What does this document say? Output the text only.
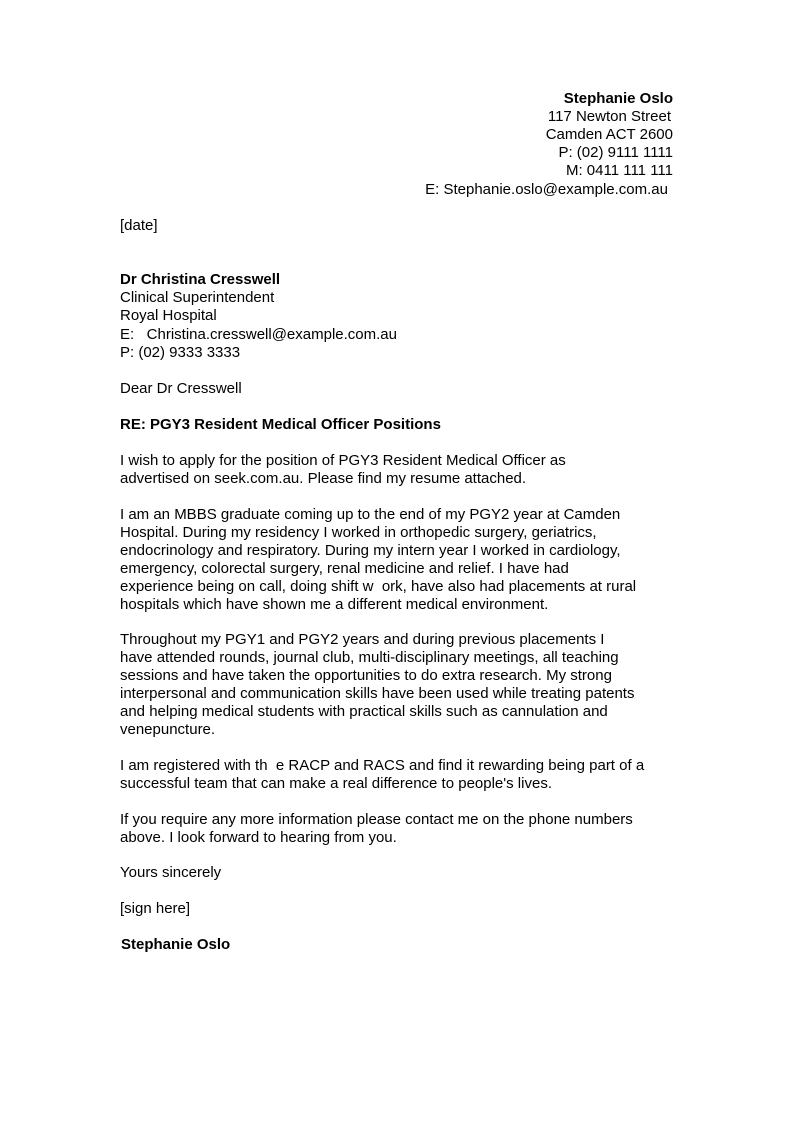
Stephanie Oslo
117 Newton Street
Camden ACT 2600
P: (02) 9111 1111
M: 0411 111 111
E: Stephanie.oslo@example.com.au
[date]
Dr Christina Cresswell
Clinical Superintendent
Royal Hospital
E:   Christina.cresswell@example.com.au
P: (02) 9333 3333
Dear Dr Cresswell
RE: PGY3 Resident Medical Officer Positions
I wish to apply for the position of PGY3 Resident Medical Officer as
advertised on seek.com.au. Please find my resume attached.
I am an MBBS graduate coming up to the end of my PGY2 year at Camden
Hospital. During my residency I worked in orthopedic surgery, geriatrics,
endocrinology and respiratory. During my intern year I worked in cardiology,
emergency, colorectal surgery, renal medicine and relief. I have had
experience being on call, doing shift w  ork, have also had placements at rural
hospitals which have shown me a different medical environment.
Throughout my PGY1 and PGY2 years and during previous placements I
have attended rounds, journal club, multi-disciplinary meetings, all teaching
sessions and have taken the opportunities to do extra research. My strong
interpersonal and communication skills have been used while treating patents
and helping medical students with practical skills such as cannulation and
venepuncture.
I am registered with th  e RACP and RACS and find it rewarding being part of a
successful team that can make a real difference to people's lives.
If you require any more information please contact me on the phone numbers
above. I look forward to hearing from you.
Yours sincerely
[sign here]
Stephanie Oslo
